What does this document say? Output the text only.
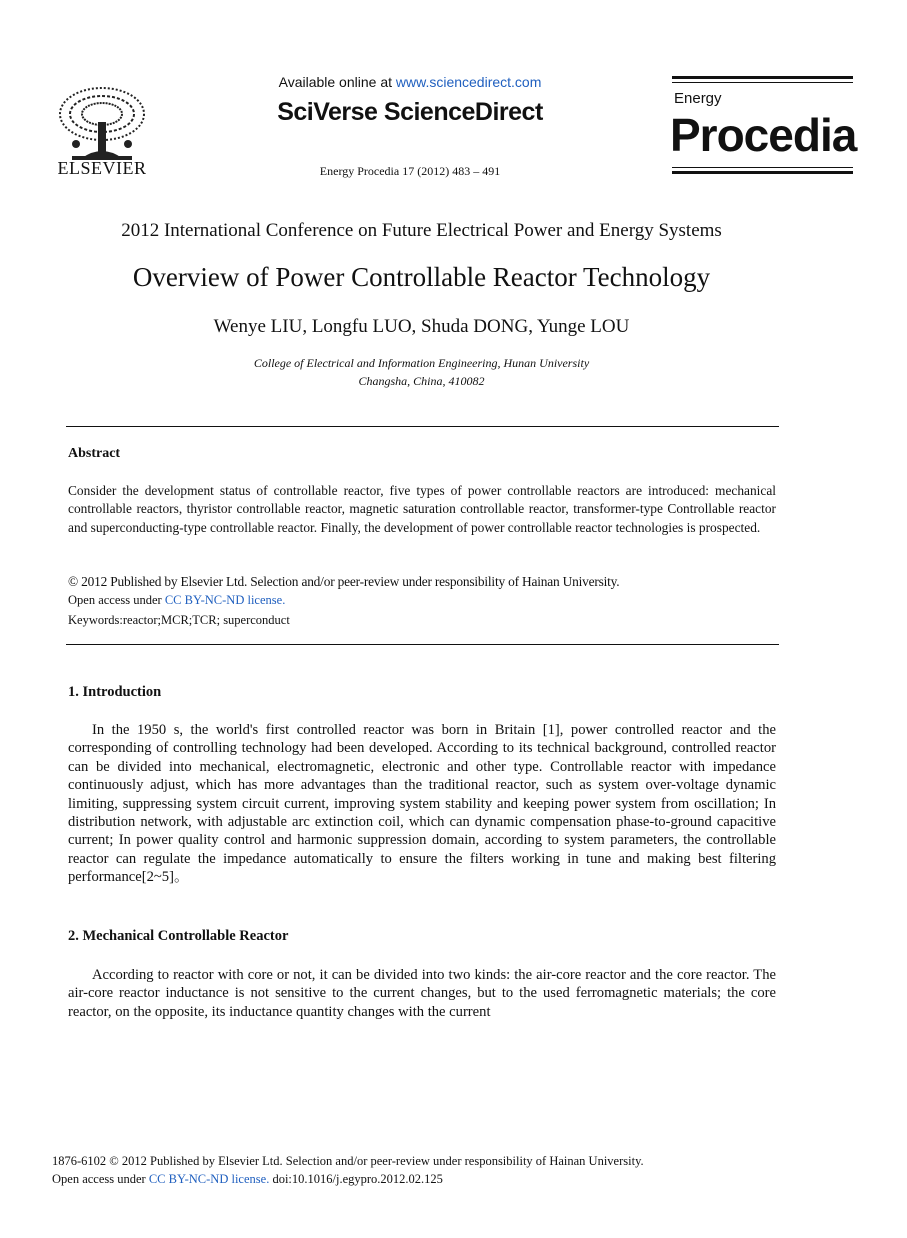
ELSEVIER
Available online at www.sciencedirect.com
SciVerse ScienceDirect
Energy Procedia 17 (2012) 483 – 491
Energy
Procedia
2012 International Conference on Future Electrical Power and Energy Systems
Overview of Power Controllable Reactor Technology
Wenye LIU, Longfu LUO, Shuda DONG, Yunge LOU
College of Electrical and Information Engineering, Hunan University
Changsha, China, 410082
Abstract
Consider the development status of controllable reactor, five types of power controllable reactors are introduced: mechanical controllable reactors, thyristor controllable reactor, magnetic saturation controllable reactor, transformer-type Controllable reactor and superconducting-type controllable reactor. Finally, the development of power controllable reactor technologies is prospected.
© 2012 Published by Elsevier Ltd. Selection and/or peer-review under responsibility of Hainan University.
Open access under CC BY-NC-ND license.
Keywords:reactor;MCR;TCR; superconduct
1. Introduction
In the 1950 s, the world's first controlled reactor was born in Britain [1], power controlled reactor and the corresponding of controlling technology had been developed. According to its technical background, controlled reactor can be divided into mechanical, electromagnetic, electronic and other type. Controllable reactor with impedance continuously adjust, which has more advantages than the traditional reactor, such as system over-voltage dynamic limiting, suppressing system circuit current, improving system stability and keeping power system from oscillation; In distribution network, with adjustable arc extinction coil, which can dynamic compensation phase-to-ground capacitive current; In power quality control and harmonic suppression domain, according to system parameters, the controllable reactor can regulate the impedance automatically to ensure the filters working in tune and making best filtering performance[2~5]。
2. Mechanical Controllable Reactor
According to reactor with core or not, it can be divided into two kinds: the air-core reactor and the core reactor. The air-core reactor inductance is not sensitive to the current changes, but to the used ferromagnetic materials; the core reactor, on the opposite, its inductance quantity changes with the current
1876-6102 © 2012 Published by Elsevier Ltd. Selection and/or peer-review under responsibility of Hainan University.
Open access under CC BY-NC-ND license. doi:10.1016/j.egypro.2012.02.125
